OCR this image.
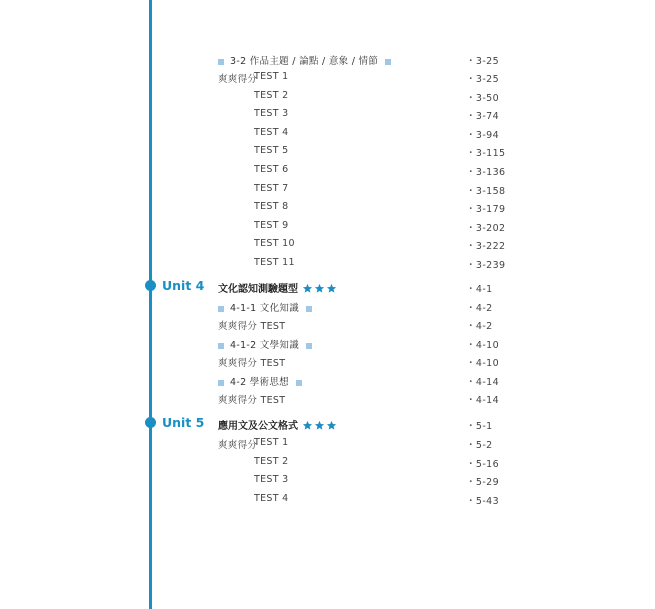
3-2 作品主題 / 論點 / 意象 / 情節	・3-25
爽爽得分
TEST 1	・3-25
TEST 2	・3-50
TEST 3	・3-74
TEST 4	・3-94
TEST 5	・3-115
TEST 6	・3-136
TEST 7	・3-158
TEST 8	・3-179
TEST 9	・3-202
TEST 10	・3-222
TEST 11	・3-239
Unit 4 文化認知測驗題型	・4-1
4-1-1 文化知識	・4-2
爽爽得分 TEST	・4-2
4-1-2 文學知識	・4-10
爽爽得分 TEST	・4-10
4-2 學術思想	・4-14
爽爽得分 TEST	・4-14
Unit 5 應用文及公文格式	・5-1
爽爽得分
TEST 1	・5-2
TEST 2	・5-16
TEST 3	・5-29
TEST 4	・5-43
